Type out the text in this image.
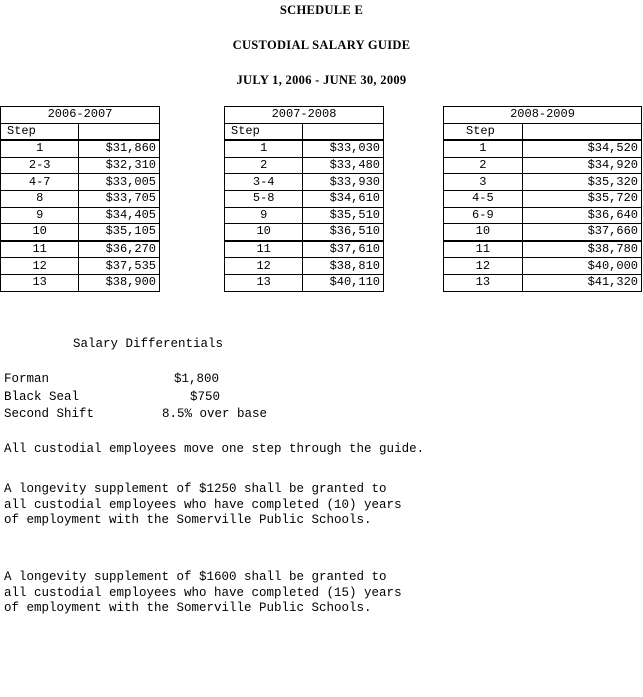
SCHEDULE E
CUSTODIAL SALARY GUIDE
JULY 1, 2006 - JUNE 30, 2009
2006-2007	
Step	
1	$31,860
2-3	$32,310
4-7	$33,005
8	$33,705
9	$34,405
10	$35,105
11	$36,270
12	$37,535
13	$38,900
2007-2008	
Step	
1	$33,030
2	$33,480
3-4	$33,930
5-8	$34,610
9	$35,510
10	$36,510
11	$37,610
12	$38,810
13	$40,110
2008-2009	
Step	
1	$34,520
2	$34,920
3	$35,320
4-5	$35,720
6-9	$36,640
10	$37,660
11	$38,780
12	$40,000
13	$41,320
Salary Differentials
Forman	$1,800
Black Seal	$750
Second Shift	8.5% over base
All custodial employees move one step through the guide.
A longevity supplement of $1250 shall be granted to
all custodial employees who have completed (10) years
of employment with the Somerville Public Schools.
A longevity supplement of $1600 shall be granted to
all custodial employees who have completed (15) years
of employment with the Somerville Public Schools.
